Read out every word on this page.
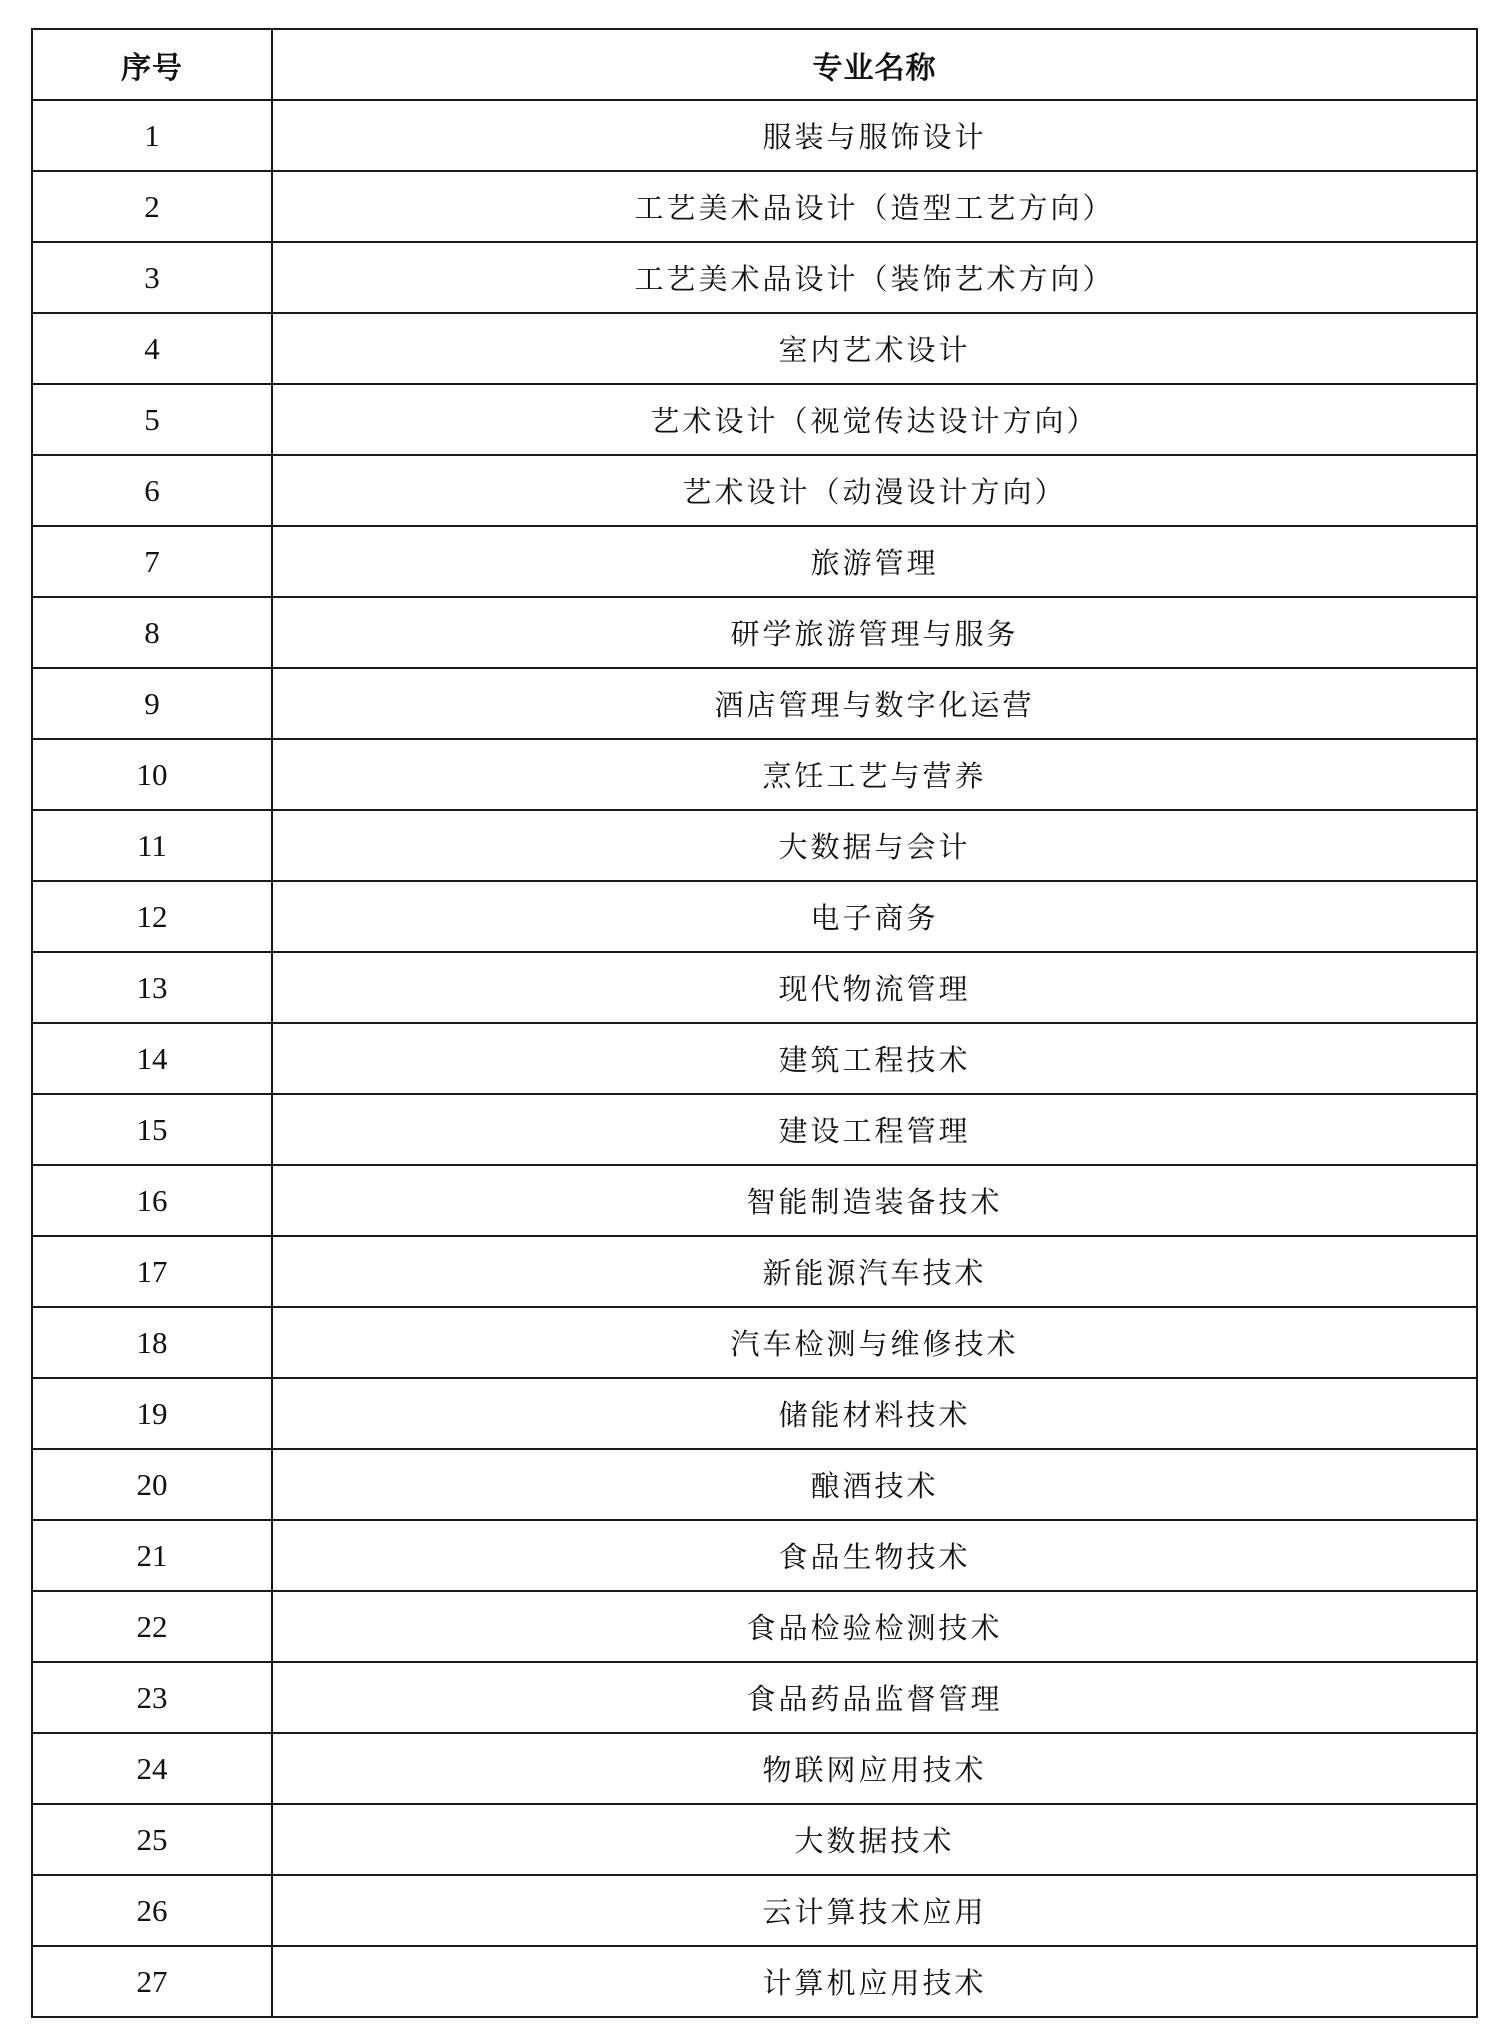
序号	专业名称
1	服装与服饰设计
2	工艺美术品设计（造型工艺方向）
3	工艺美术品设计（装饰艺术方向）
4	室内艺术设计
5	艺术设计（视觉传达设计方向）
6	艺术设计（动漫设计方向）
7	旅游管理
8	研学旅游管理与服务
9	酒店管理与数字化运营
10	烹饪工艺与营养
11	大数据与会计
12	电子商务
13	现代物流管理
14	建筑工程技术
15	建设工程管理
16	智能制造装备技术
17	新能源汽车技术
18	汽车检测与维修技术
19	储能材料技术
20	酿酒技术
21	食品生物技术
22	食品检验检测技术
23	食品药品监督管理
24	物联网应用技术
25	大数据技术
26	云计算技术应用
27	计算机应用技术
